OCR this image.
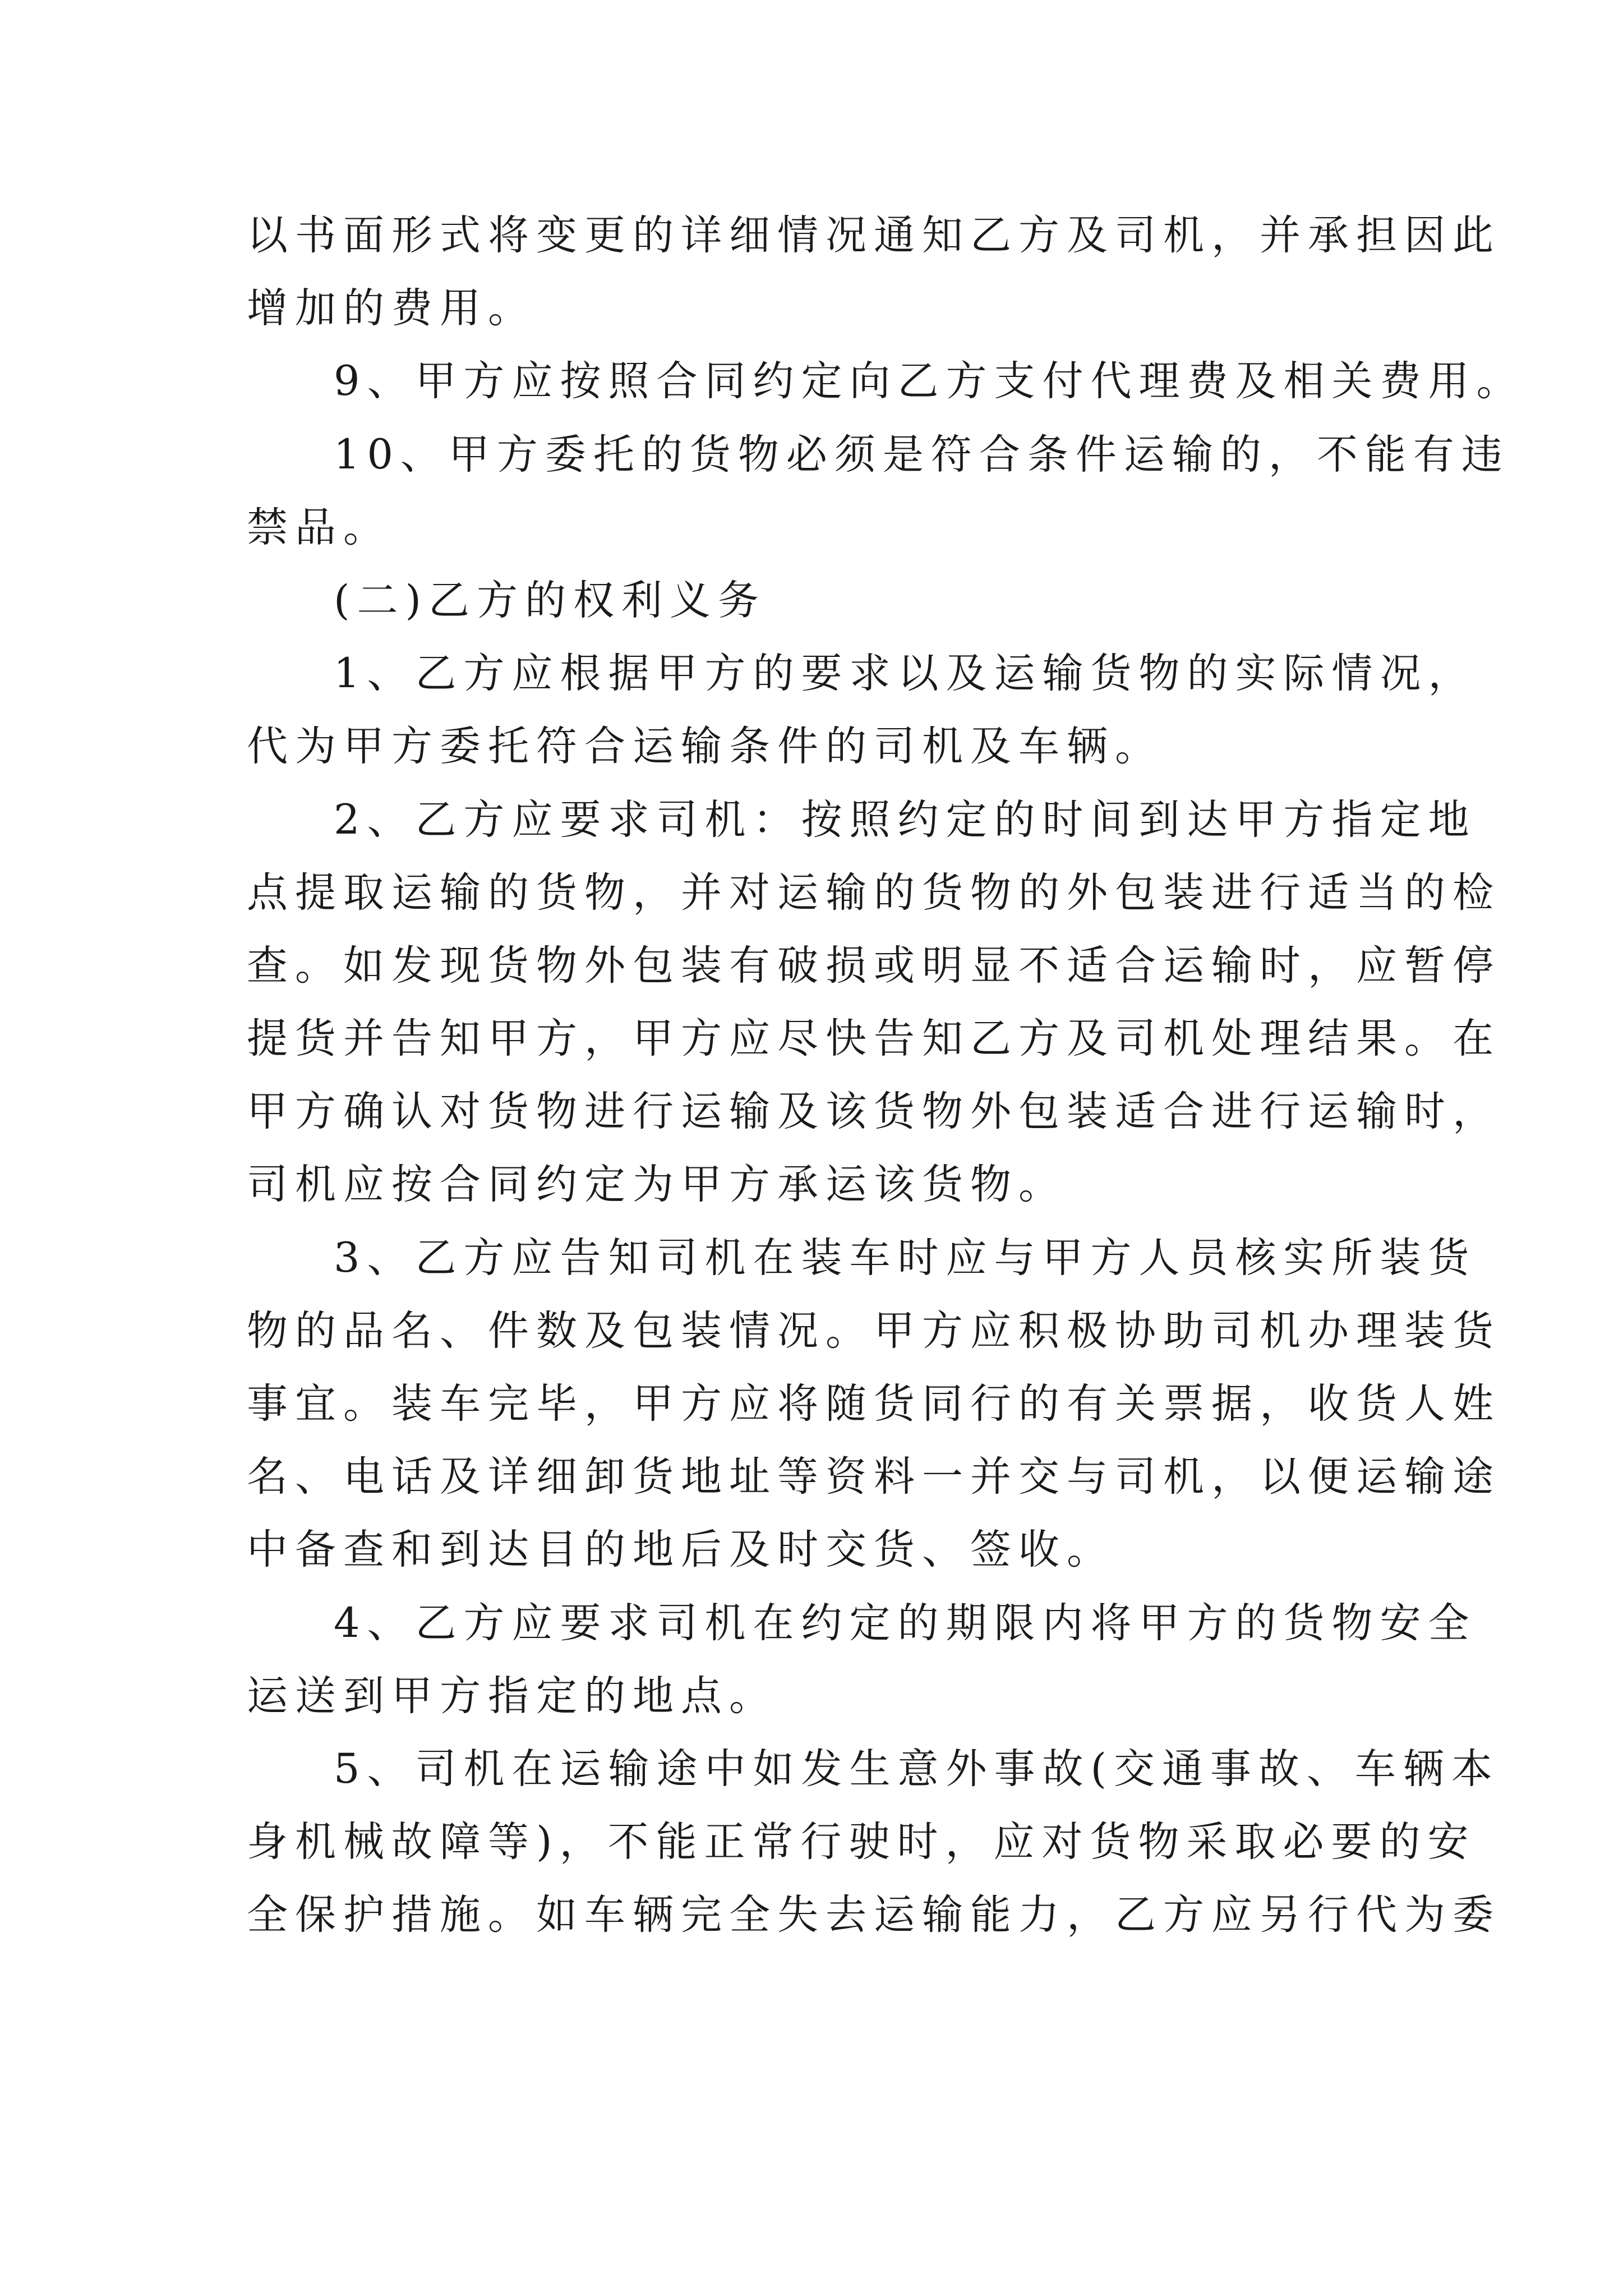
以书面形式将变更的详细情况通知乙方及司机，并承担因此
增加的费用。
9、甲方应按照合同约定向乙方支付代理费及相关费用。
10、甲方委托的货物必须是符合条件运输的，不能有违
禁品。
(二)乙方的权利义务
1、乙方应根据甲方的要求以及运输货物的实际情况，
代为甲方委托符合运输条件的司机及车辆。
2、乙方应要求司机：按照约定的时间到达甲方指定地
点提取运输的货物，并对运输的货物的外包装进行适当的检
查。如发现货物外包装有破损或明显不适合运输时，应暂停
提货并告知甲方，甲方应尽快告知乙方及司机处理结果。在
甲方确认对货物进行运输及该货物外包装适合进行运输时，
司机应按合同约定为甲方承运该货物。
3、乙方应告知司机在装车时应与甲方人员核实所装货
物的品名、件数及包装情况。甲方应积极协助司机办理装货
事宜。装车完毕，甲方应将随货同行的有关票据，收货人姓
名、电话及详细卸货地址等资料一并交与司机，以便运输途
中备查和到达目的地后及时交货、签收。
4、乙方应要求司机在约定的期限内将甲方的货物安全
运送到甲方指定的地点。
5、司机在运输途中如发生意外事故(交通事故、车辆本
身机械故障等)，不能正常行驶时，应对货物采取必要的安
全保护措施。如车辆完全失去运输能力，乙方应另行代为委
